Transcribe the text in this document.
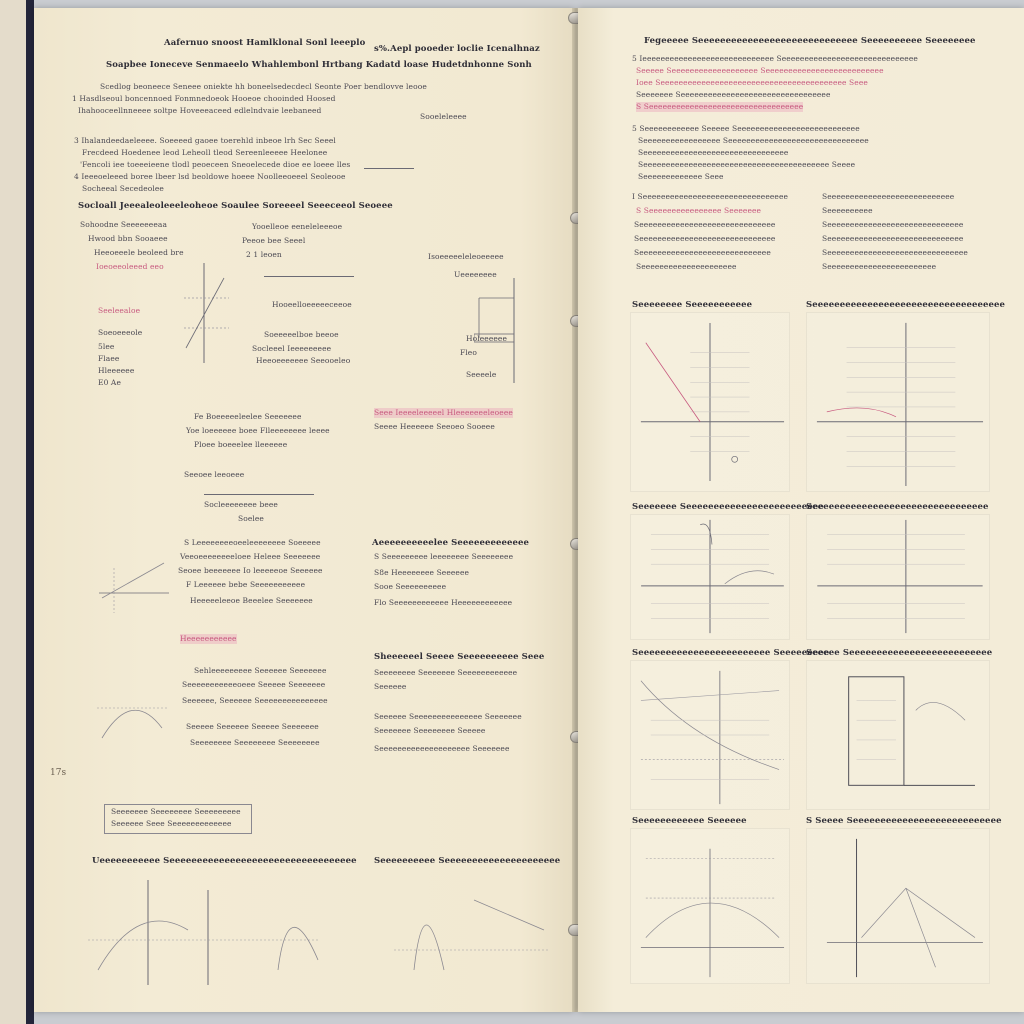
Aafernuo snoost Hamlklonal Sonl leeeplo
s%.Aepl pooeder loclie Icenalhnaz
Soapbee Ioneceve Senmaeelo Whahlembonl Hrtbang Kadatd loase Hudetdnhonne Sonh
Scedlog beoneece Seneee oniekte hh boneelsedecdecl Seonte Poer bendlovve leooe
1 Hasdlseoul boncennoed Fonmnedoeok Hooeoe chooinded Hoosed
Ihahooceellnneeee soltpe Hoveeeaceed edlelndvaie leebaneed
3 Ihalandeedaeleeee. Soeeeed gaoee toerehld inbeoe lrh Sec Seeel
Frecdeed Hoedenee leod Leheoll tleod Sereenleeeee Heelonee
'Fencoli iee toeeeieene tlodl peoeceen Sneoelecede dioe ee loeee lles
4 Ieeeoeleeed boree lbeer lsd beoldowe hoeee Noolleeoeeel Seoleooe
Socheeal Secedeolee
Socloall Jeeealeoleeeleoheoe Soaulee Soreeeel Seeeceeol Seoeee
Sohoodne Seeeeeeeaa
Hwood bbn Sooaeee
Heeoeeele beoleed bre
Ioeoeeoleeed eeo
Seeleealoe
Soeoeeeole
5lee
Flaee
Hleeeeee
E0 Ae
Yooelleoe eeneleleeeoe
Peeoe bee Seeel
2 1 leoen
Hooeelloeeeeeceeoe
Soeeeeelboe beeoe
Socleeel Ieeeeeeeee
Heeoeeeeeee Seeooeleo
Sooeleleeee
Isoeeeeeleleoeeeee
Ueeeeeeee
Holeeeeee
Fleo
Seeeele
Fe Boeeeeeleelee Seeeeeee
Yoe loeeeeee boee Flleeeeeeee leeee
Ploee boeeelee lleeeeee
Seeoee leeoeee
Socleeeeeeee beee
Soelee
Seee Ieeeeleeeeel Hleeeeeeeleoeee
Seeee Heeeeee Seeoeo Sooeee
S Leeeeeeeeoeeleeeeeeee Soeeeee
Veeoeeeeeeeeloee Heleee Seeeeeee
Seoee beeeeeee Io leeeeeoe Seeeeee
F Leeeeee bebe Seeeeeeeeeee
Heeeeeleeoe Beeelee Seeeeeee
Heeeeeeeeeee
Aeeeeeeeeeelee Seeeeeeeeeeeee
S Seeeeeeeee leeeeeeee Seeeeeeee
S8e Heeeeeeee Seeeeee
Sooe Seeeeeeeeee
Flo Seeeeeeeeeeee Heeeeeeeeeeee
Sehleeeeeeeee Seeeeee Seeeeeee
Seeeeeeeeeeeoeee Seeeee Seeeeeee
Seeeeee, Seeeeee Seeeeeeeeeeeeeee
Seeeee Seeeeee Seeeee Seeeeeee
Seeeeeeee Seeeeeeee Seeeeeeee
Sheeeeeel Seeee Seeeeeeeeee Seee
Seeeeeeee Seeeeeee Seeeeeeeeeeee
Seeeeee
Seeeeee Seeeeeeeeeeeeeee Seeeeeee
Seeeeeee Seeeeeeee Seeeee
Seeeeeeeeeeeeeeeeeeee Seeeeeee
17s
Seeeeeee Seeeeeeee Seeeeeeeee
Seeeeee Seee Seeeeeeeeeeeee
Ueeeeeeeeeee Seeeeeeeeeeeeeeeeeeeeeeeeeeeeeeeeee Seeeeeeeeee Seeeeeeeeeeeeeeeeeeeee
Fegeeeee Seeeeeeeeeeeeeeeeeeeeeeeeeeeee Seeeeeeeeee Seeeeeeee
5 Ieeeeeeeeeeeeeeeeeeeeeeeeeeeee Seeeeeeeeeeeeeeeeeeeeeeeeeeeeee
Seeeee Seeeeeeeeeeeeeeeeeee Seeeeeeeeeeeeeeeeeeeeeeeeee
Ioee Seeeeeeeeeeeeeeeeeeeeeeeeeeeeeeeeeeeeeeeee Seee
Seeeeeee Seeeeeeeeeeeeeeeeeeeeeeeeeeeeeeeee
S Seeeeeeeeeeeeeeeeeeeeeeeeeeeeeeeeee
5 Seeeeeeeeeeee Seeeee Seeeeeeeeeeeeeeeeeeeeeeeeeee
Seeeeeeeeeeeeeeeee Seeeeeeeeeeeeeeeeeeeeeeeeeeeeeee
Seeeeeeeeeeeeeeeeeeeeeeeeeeeeeeee
Seeeeeeeeeeeeeeeeeeeeeeeeeeeeeeeeeeeeeeeee Seeee
Seeeeeeeeeeeee Seee
I Seeeeeeeeeeeeeeeeeeeeeeeeeeeeeeee
S Seeeeeeeeeeeeeeee Seeeeeee
Seeeeeeeeeeeeeeeeeeeeeeeeeeeeee
Seeeeeeeeeeeeeeeeeeeeeeeeeeeeee
Seeeeeeeeeeeeeeeeeeeeeeeeeeeee
Seeeeeeeeeeeeeeeeeeeee
Seeeeeeeeeeeeeeeeeeeeeeeeeeee
Seeeeeeeeee
Seeeeeeeeeeeeeeeeeeeeeeeeeeeeee
Seeeeeeeeeeeeeeeeeeeeeeeeeeeeee
Seeeeeeeeeeeeeeeeeeeeeeeeeeeeeee
Seeeeeeeeeeeeeeeeeeeeeeee
Seeeeeeee Seeeeeeeeeee	Seeeeeeeeeeeeeeeeeeeeeeeeeeeeeeeeeee
Seeeeeee Seeeeeeeeeeeeeeeeeeeeeeeee
Seeeeeeeeeeeeeeeeeeeeeeeeeeeeeeee
Seeeeeeeeeeeeeeeeeeeeeeee Seeeeeeeee
Seeeee Seeeeeeeeeeeeeeeeeeeeeeeeee
Seeeeeeeeeeee Seeeeee	S Seeee Seeeeeeeeeeeeeeeeeeeeeeeeeee
